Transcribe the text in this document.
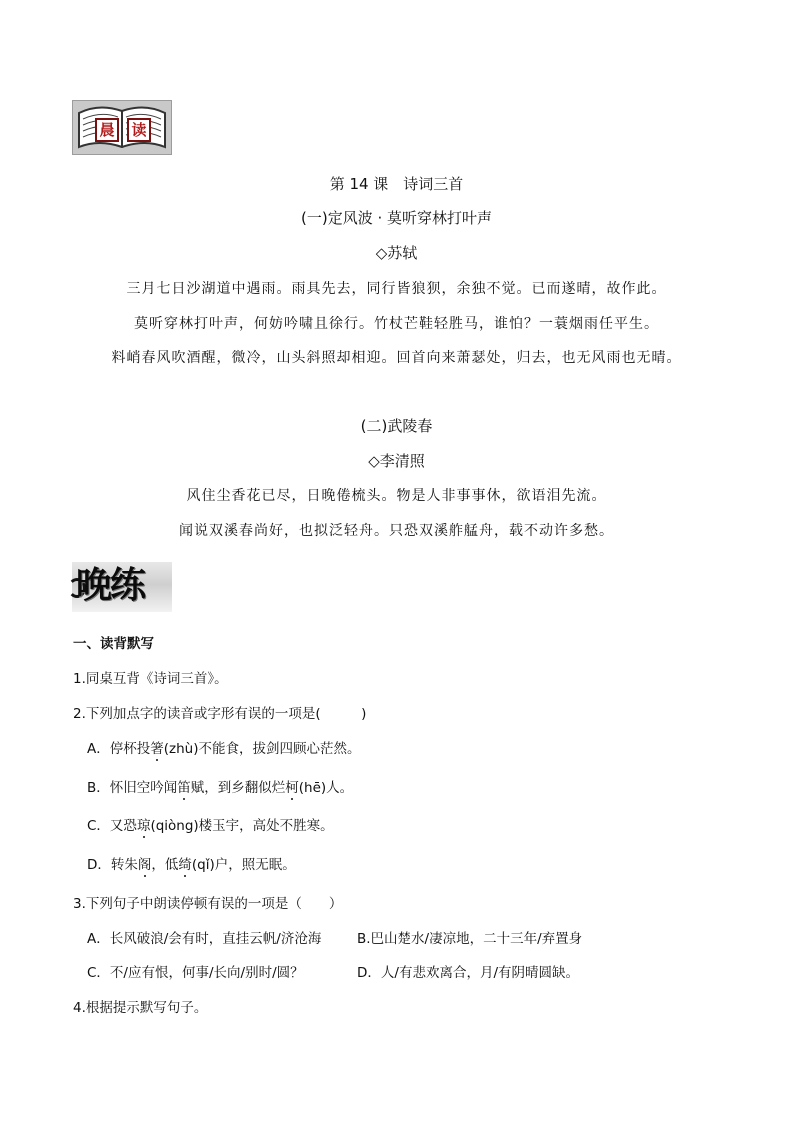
晨	读
第 14 课　诗词三首
(一)定风波 · 莫听穿林打叶声
◇苏轼
三月七日沙湖道中遇雨。雨具先去，同行皆狼狈，余独不觉。已而遂晴，故作此。
莫听穿林打叶声，何妨吟啸且徐行。竹杖芒鞋轻胜马，谁怕？一蓑烟雨任平生。
料峭春风吹酒醒，微冷，山头斜照却相迎。回首向来萧瑟处，归去，也无风雨也无晴。
(二)武陵春
◇李清照
风住尘香花已尽，日晚倦梳头。物是人非事事休，欲语泪先流。
闻说双溪春尚好，也拟泛轻舟。只恐双溪舴艋舟，载不动许多愁。
晚练
一、读背默写
1.同桌互背《诗词三首》。
2.下列加点字的读音或字形有误的一项是(　　　)
A．停杯投箸(zhù)不能食，拔剑四顾心茫然。
B．怀旧空吟闻笛赋，到乡翻似烂柯(hē)人。
C．又恐琼(qiòng)楼玉宇，高处不胜寒。
D．转朱阁，低绮(qǐ)户，照无眠。
3.下列句子中朗读停顿有误的一项是（　　）
A．长风破浪/会有时，直挂云帆/济沧海	B.巴山楚水/凄凉地，二十三年/弃置身
C．不/应有恨，何事/长向/别时/圆？	D．人/有悲欢离合，月/有阴晴圆缺。
4.根据提示默写句子。
